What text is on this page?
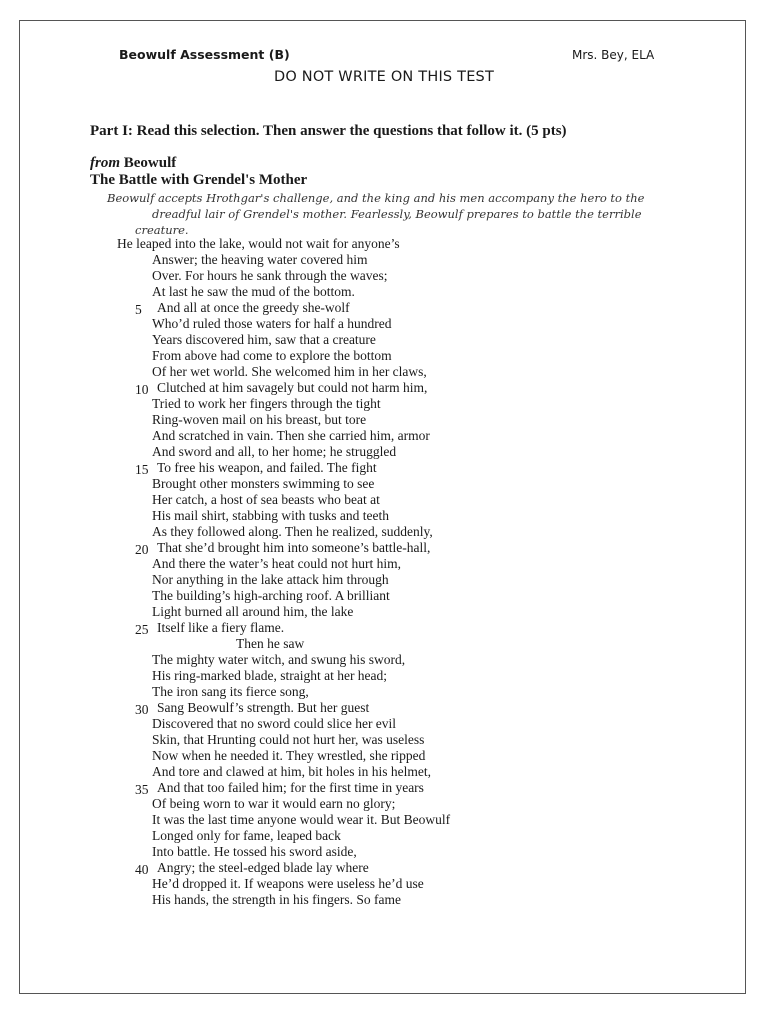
Beowulf Assessment (B)	Mrs. Bey, ELA
DO NOT WRITE ON THIS TEST
Part I: Read this selection. Then answer the questions that follow it. (5 pts)
from Beowulf
The Battle with Grendel's Mother
Beowulf accepts Hrothgar's challenge, and the king and his men accompany the hero to the
dreadful lair of Grendel's mother. Fearlessly, Beowulf prepares to battle the terrible
creature.
He leaped into the lake, would not wait for anyone’s
Answer; the heaving water covered him
Over. For hours he sank through the waves;
At last he saw the mud of the bottom.
And all at once the greedy she-wolf
Who’d ruled those waters for half a hundred
Years discovered him, saw that a creature
From above had come to explore the bottom
Of her wet world. She welcomed him in her claws,
Clutched at him savagely but could not harm him,
Tried to work her fingers through the tight
Ring-woven mail on his breast, but tore
And scratched in vain. Then she carried him, armor
And sword and all, to her home; he struggled
To free his weapon, and failed. The fight
Brought other monsters swimming to see
Her catch, a host of sea beasts who beat at
His mail shirt, stabbing with tusks and teeth
As they followed along. Then he realized, suddenly,
That she’d brought him into someone’s battle-hall,
And there the water’s heat could not hurt him,
Nor anything in the lake attack him through
The building’s high-arching roof. A brilliant
Light burned all around him, the lake
Itself like a fiery flame.
Then he saw
The mighty water witch, and swung his sword,
His ring-marked blade, straight at her head;
The iron sang its fierce song,
Sang Beowulf’s strength. But her guest
Discovered that no sword could slice her evil
Skin, that Hrunting could not hurt her, was useless
Now when he needed it. They wrestled, she ripped
And tore and clawed at him, bit holes in his helmet,
And that too failed him; for the first time in years
Of being worn to war it would earn no glory;
It was the last time anyone would wear it. But Beowulf
Longed only for fame, leaped back
Into battle. He tossed his sword aside,
Angry; the steel-edged blade lay where
He’d dropped it. If weapons were useless he’d use
His hands, the strength in his fingers. So fame
5
10
15
20
25
30
35
40
